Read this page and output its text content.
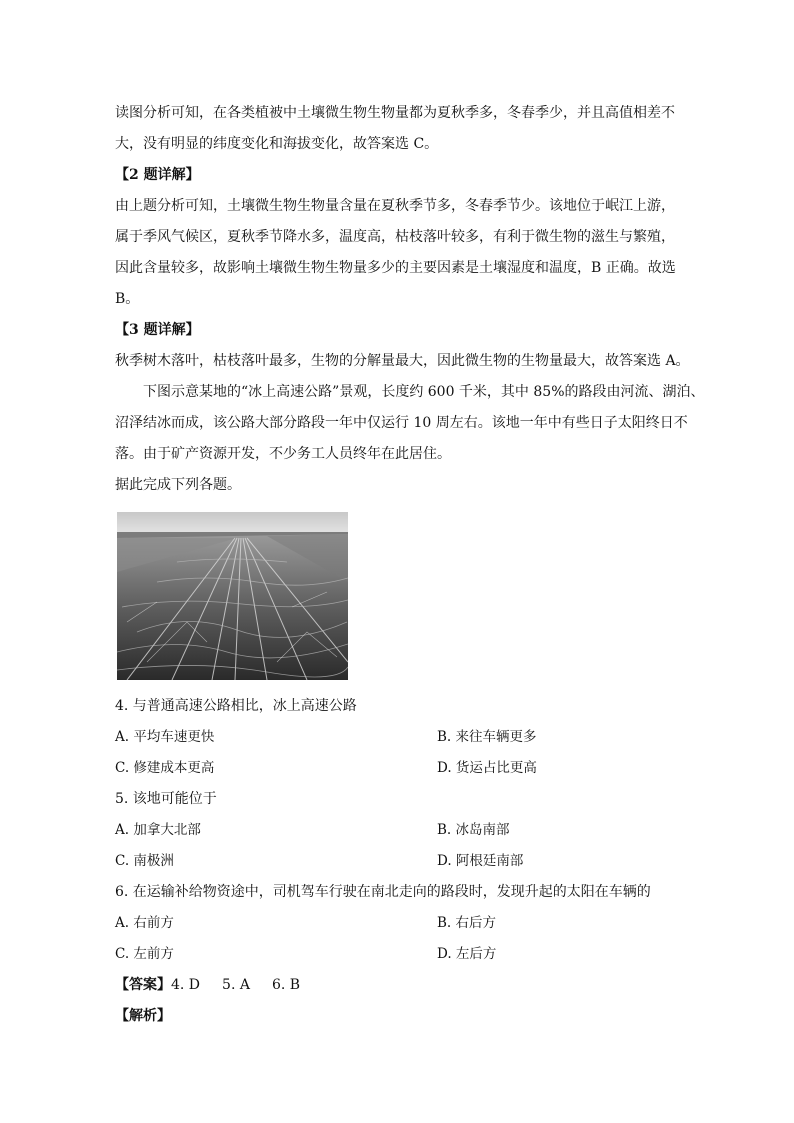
读图分析可知，在各类植被中土壤微生物生物量都为夏秋季多，冬春季少，并且高值相差不
大，没有明显的纬度变化和海拔变化，故答案选 C。
【2 题详解】
由上题分析可知，土壤微生物生物量含量在夏秋季节多，冬春季节少。该地位于岷江上游，
属于季风气候区，夏秋季节降水多，温度高，枯枝落叶较多，有利于微生物的滋生与繁殖，
因此含量较多，故影响土壤微生物生物量多少的主要因素是土壤湿度和温度，B 正确。故选
B。
【3 题详解】
秋季树木落叶，枯枝落叶最多，生物的分解量最大，因此微生物的生物量最大，故答案选 A。
下图示意某地的“冰上高速公路”景观，长度约 600 千米，其中 85%的路段由河流、湖泊、
沼泽结冰而成，该公路大部分路段一年中仅运行 10 周左右。该地一年中有些日子太阳终日不
落。由于矿产资源开发，不少务工人员终年在此居住。
据此完成下列各题。
4. 与普通高速公路相比，冰上高速公路
A. 平均车速更快	B. 来往车辆更多
C. 修建成本更高	D. 货运占比更高
5. 该地可能位于
A. 加拿大北部	B. 冰岛南部
C. 南极洲	D. 阿根廷南部
6. 在运输补给物资途中，司机驾车行驶在南北走向的路段时，发现升起的太阳在车辆的
A. 右前方	B. 右后方
C. 左前方	D. 左后方
【答案】4. D 5. A 6. B
【解析】
